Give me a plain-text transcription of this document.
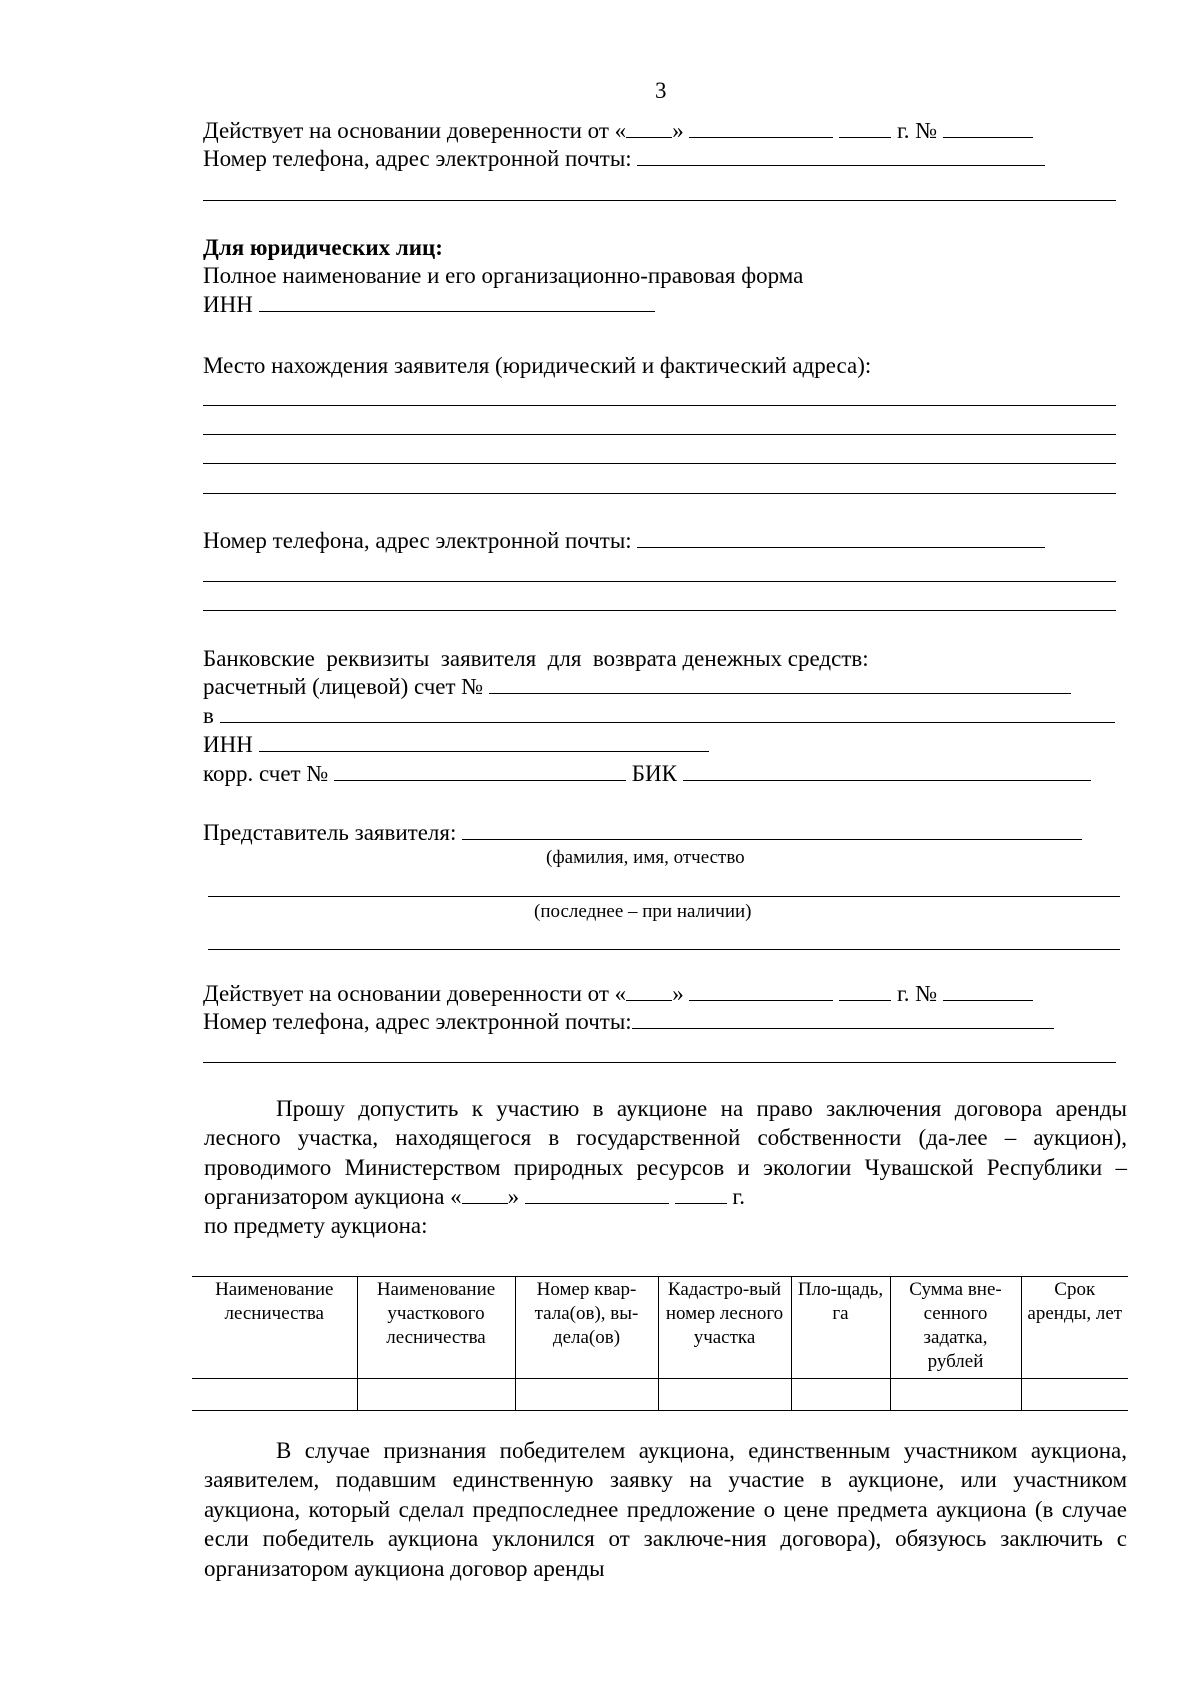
3
Действует на основании доверенности от « »	г. №
Номер телефона, адрес электронной почты:
Для юридических лиц:
Полное наименование и его организационно-правовая форма
ИНН
Место нахождения заявителя (юридический и фактический адреса):
Номер телефона, адрес электронной почты:
Банковские  реквизиты  заявителя  для  возврата денежных средств:
расчетный (лицевой) счет №
в
ИНН
корр. счет №	БИК
Представитель заявителя:
(фамилия, имя, отчество
(последнее – при наличии)
Действует на основании доверенности от « »	г. №
Номер телефона, адрес электронной почты:
Прошу допустить к участию в аукционе на право заключения договора аренды лесного участка, находящегося в государственной собственности (да-лее – аукцион), проводимого Министерством природных ресурсов и экологии Чувашской Республики – организатором аукциона « »	г.
по предмету аукциона:
Наименование лесничества	Наименование участкового лесничества	Номер квар-тала(ов), вы-дела(ов)	Кадастро-вый номер лесного участка	Пло-щадь, га	Сумма вне-сенного задатка, рублей	Срок аренды, лет

В случае признания победителем аукциона, единственным участником аукциона, заявителем, подавшим единственную заявку на участие в аукционе, или участником аукциона, который сделал предпоследнее предложение о цене предмета аукциона (в случае если победитель аукциона уклонился от заключе-ния договора), обязуюсь заключить с организатором аукциона договор аренды
